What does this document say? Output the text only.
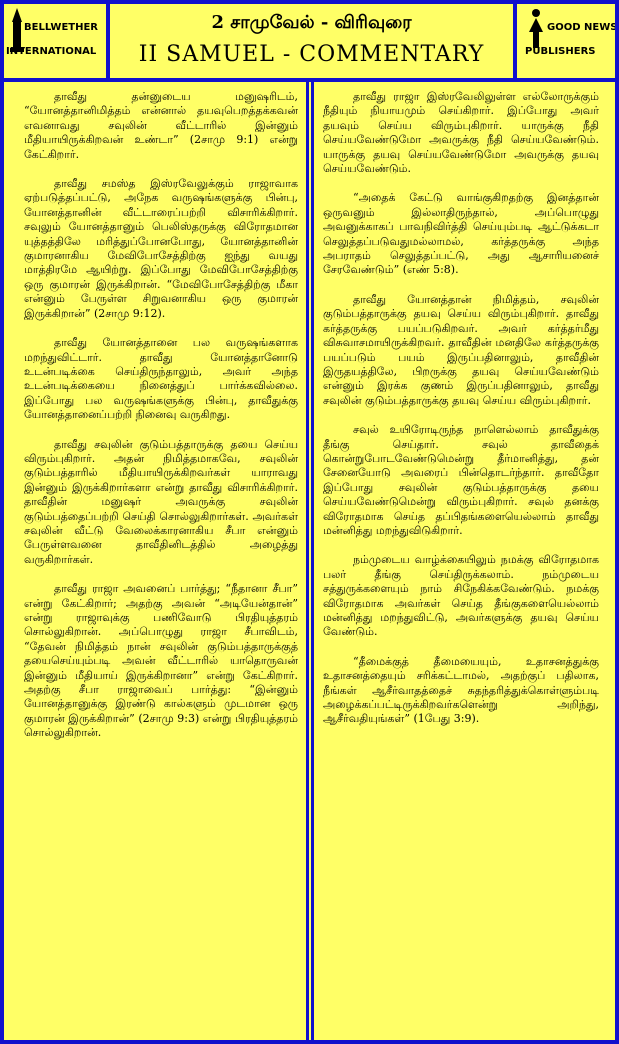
BELLWETHER
INTERNATIONAL
2 சாமுவேல் - விரிவுரை
II SAMUEL - COMMENTARY
GOOD NEWS
PUBLISHERS

தாவீது தன்னுடைய மனுஷரிடம், “யோனத்தானிமித்தம் என்னால் தயவுபெறத்தக்கவன் எவனாவது சவுலின் வீட்டாரில் இன்னும் மீதியாயிருக்கிறவன் உண்டா” (2சாமு 9:1) என்று கேட்கிறார்.

தாவீது சமஸ்த இஸ்ரவேலுக்கும் ராஜாவாக ஏற்படுத்தப்பட்டு, அநேக வருஷங்களுக்கு பின்பு, யோனத்தானின் வீட்டாரைப்பற்றி விசாரிக்கிறார். சவுலும் யோனத்தானும் பெலிஸ்தருக்கு விரோதமான யுத்தத்திலே மரித்துப்போனபோது, யோனத்தானின் குமாரனாகிய மேவிபோசேத்திற்கு ஐந்து வயது மாத்திரமே ஆயிற்று. இப்போது மேவிபோசேத்திற்கு ஒரு குமாரன் இருக்கிறான். “மேவிபோசேத்திற்கு மீகா என்னும் பேருள்ள சிறுவனாகிய ஒரு குமாரன் இருக்கிறான்” (2சாமு 9:12).

தாவீது யோனத்தானை பல வருஷங்களாக மறந்துவிட்டார். தாவீது யோனத்தானோடு உடன்படிக்கை செய்திருந்தாலும், அவர் அந்த உடன்படிக்கையை நினைத்துப் பார்க்கவில்லை. இப்போது பல வருஷங்களுக்கு பின்பு, தாவீதுக்கு யோனத்தானைப்பற்றி நினைவு வருகிறது.

தாவீது சவுலின் குடும்பத்தாருக்கு தயை செய்ய விரும்புகிறார். அதன் நிமித்தமாகவே, சவுலின் குடும்பத்தாரில் மீதியாயிருக்கிறவர்கள் யாராவது இன்னும் இருக்கிறார்களா என்று தாவீது விசாரிக்கிறார். தாவீதின் மனுஷர் அவருக்கு சவுலின் குடும்பத்தைப்பற்றி செய்தி சொல்லுகிறார்கள். அவர்கள் சவுலின் வீட்டு வேலைக்காரனாகிய சீபா என்னும் பேருள்ளவனை தாவீதினிடத்தில் அழைத்து வருகிறார்கள்.

தாவீது ராஜா அவனைப் பார்த்து; “நீதானா சீபா” என்று கேட்கிறார்; அதற்கு அவன் “அடியேன்தான்” என்று ராஜாவுக்கு பணிவோடு பிரதியுத்தரம் சொல்லுகிறான். அப்பொழுது ராஜா சீபாவிடம், “தேவன் நிமித்தம் நான் சவுலின் குடும்பத்தாருக்குத் தயைசெய்யும்படி அவன் வீட்டாரில் யாதொருவன் இன்னும் மீதியாய் இருக்கிறானா” என்று கேட்கிறார். அதற்கு சீபா ராஜாவைப் பார்த்து: “இன்னும் யோனத்தானுக்கு இரண்டு கால்களும் முடமான ஒரு குமாரன் இருக்கிறான்” (2சாமு 9:3) என்று பிரதியுத்தரம் சொல்லுகிறான்.

தாவீது ராஜா இஸ்ரவேலிலுள்ள எல்லோருக்கும் நீதியும் நியாயமும் செய்கிறார். இப்போது அவர் தயவும் செய்ய விரும்புகிறார். யாருக்கு நீதி செய்யவேண்டுமோ அவருக்கு நீதி செய்யவேண்டும். யாருக்கு தயவு செய்யவேண்டுமோ அவருக்கு தயவு செய்யவேண்டும்.

“அதைக் கேட்டு வாங்குகிறதற்கு இனத்தான் ஒருவனும் இல்லாதிருந்தால், அப்பொழுது அவனுக்காகப் பாவநிவிர்த்தி செய்யும்படி ஆட்டுக்கடா செலுத்தப்படுவதுமல்லாமல், கர்த்தருக்கு அந்த அபராதம் செலுத்தப்பட்டு, அது ஆசாரியனைச் சேரவேண்டும்” (எண் 5:8).

தாவீது யோனத்தான் நிமித்தம், சவுலின் குடும்பத்தாருக்கு தயவு செய்ய விரும்புகிறார். தாவீது கர்த்தருக்கு பயப்படுகிறவர். அவர் கர்த்தர்மீது விசுவாசமாயிருக்கிறவர். தாவீதின் மனதிலே கர்த்தருக்கு பயப்படும் பயம் இருப்பதினாலும், தாவீதின் இருதயத்திலே, பிறருக்கு தயவு செய்யவேண்டும் என்னும் இரக்க குணம் இருப்பதினாலும், தாவீது சவுலின் குடும்பத்தாருக்கு தயவு செய்ய விரும்புகிறார்.

சவுல் உயிரோடிருந்த நாளெல்லாம் தாவீதுக்கு தீங்கு செய்தார். சவுல் தாவீதைக் கொன்றுபோடவேண்டுமென்று தீர்மானித்து, தன் சேனையோடு அவரைப் பின்தொடர்ந்தார். தாவீதோ இப்போது சவுலின் குடும்பத்தாருக்கு தயை செய்யவேண்டுமென்று விரும்புகிறார். சவுல் தனக்கு விரோதமாக செய்த தப்பிதங்களையெல்லாம் தாவீது மன்னித்து மறந்துவிடுகிறார்.

நம்முடைய வாழ்க்கையிலும் நமக்கு விரோதமாக பலர் தீங்கு செய்திருக்கலாம். நம்முடைய சத்துருக்களையும் நாம் சிநேகிக்கவேண்டும். நமக்கு விரோதமாக அவர்கள் செய்த தீங்குகளையெல்லாம் மன்னித்து மறந்துவிட்டு, அவர்களுக்கு தயவு செய்ய வேண்டும்.

“தீமைக்குத் தீமையையும், உதாசனத்துக்கு உதாசனத்தையும் சரிக்கட்டாமல், அதற்குப் பதிலாக, நீங்கள் ஆசீர்வாதத்தைச் சுதந்தரித்துக்கொள்ளும்படி அழைக்கப்பட்டிருக்கிறவர்களென்று அறிந்து, ஆசீர்வதியுங்கள்” (1பேது 3:9).
